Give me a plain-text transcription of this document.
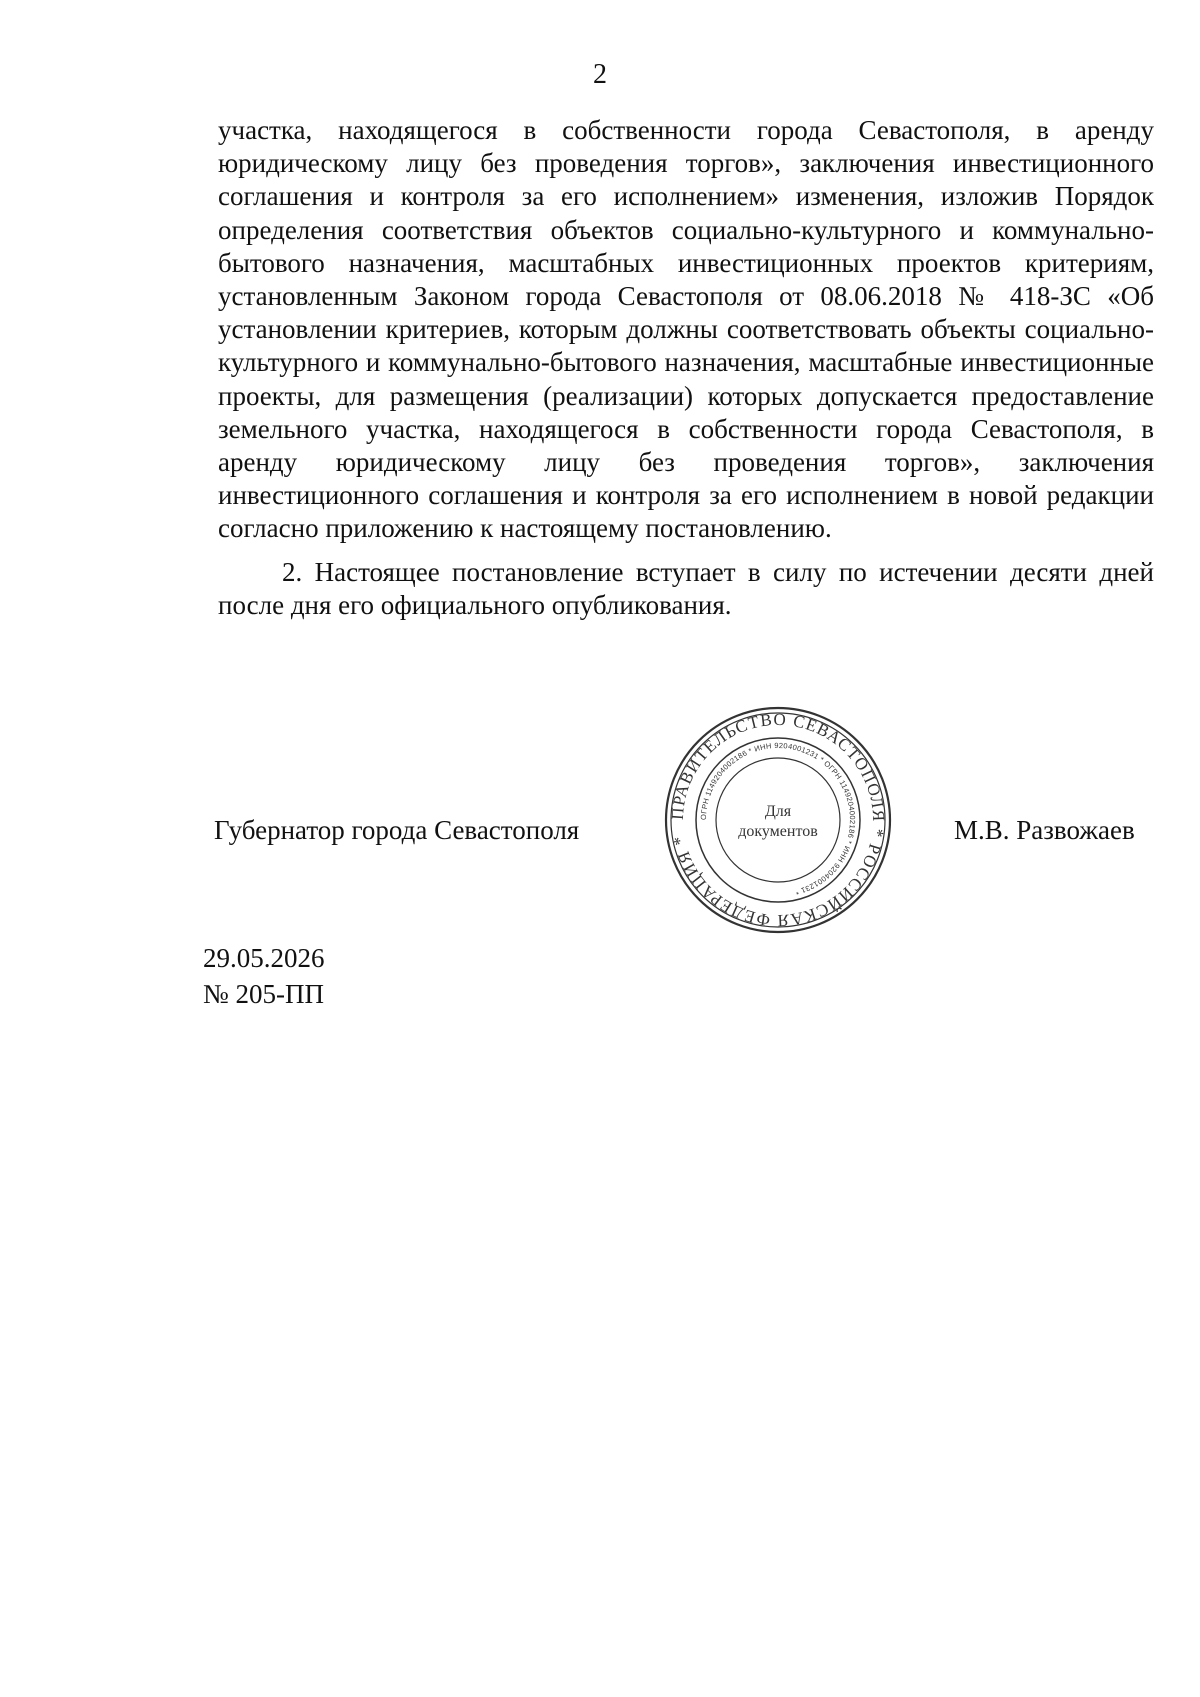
2

участка, находящегося в собственности города Севастополя, в аренду юридическому лицу без проведения торгов», заключения инвестиционного соглашения и контроля за его исполнением» изменения, изложив Порядок определения соответствия объектов социально-культурного и коммунально-бытового назначения, масштабных инвестиционных проектов критериям, установленным Законом города Севастополя от 08.06.2018 № 418-ЗС «Об установлении критериев, которым должны соответствовать объекты социально-культурного и коммунально-бытового назначения, масштабные инвестиционные проекты, для размещения (реализации) которых допускается предоставление земельного участка, находящегося в собственности города Севастополя, в аренду юридическому лицу без проведения торгов», заключения инвестиционного соглашения и контроля за его исполнением в новой редакции согласно приложению к настоящему постановлению.

2. Настоящее постановление вступает в силу по истечении десяти дней после дня его официального опубликования.

ПРАВИТЕЛЬСТВО СЕВАСТОПОЛЯ * РОССИЙСКАЯ ФЕДЕРАЦИЯ *
ОГРН 1149204002186 * ИНН 9204001231 * ОГРН 1149204002186 * ИНН 9204001231 *
Для
документов
Губернатор города Севастополя	М.В. Развожаев
29.05.2026
№ 205-ПП
